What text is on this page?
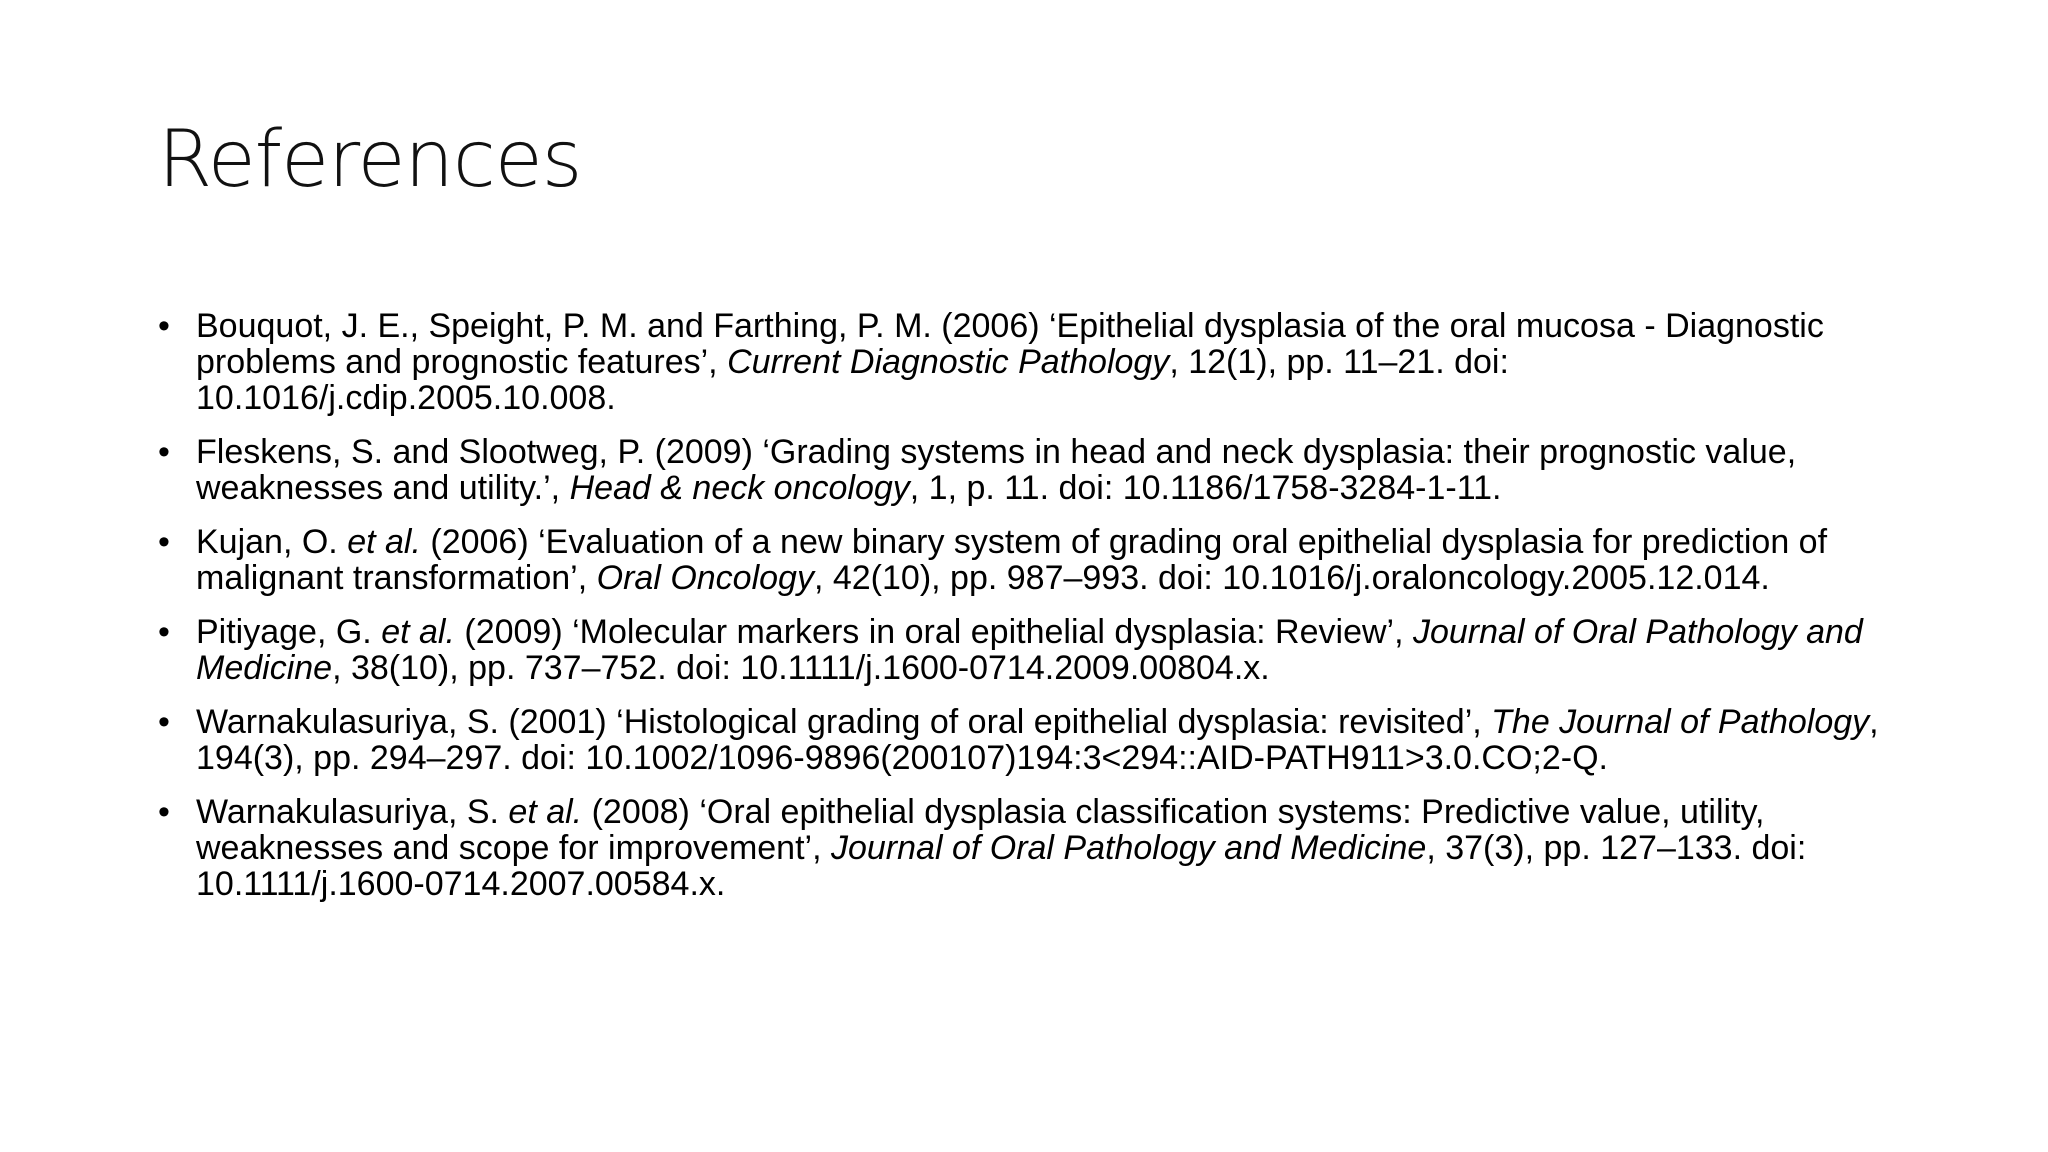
References
• Bouquot, J. E., Speight, P. M. and Farthing, P. M. (2006) ‘Epithelial dysplasia of the oral mucosa - Diagnostic problems and prognostic features’, Current Diagnostic Pathology, 12(1), pp. 11–21. doi: 10.1016/j.cdip.2005.10.008.
• Fleskens, S. and Slootweg, P. (2009) ‘Grading systems in head and neck dysplasia: their prognostic value, weaknesses and utility.’, Head & neck oncology, 1, p. 11. doi: 10.1186/1758-3284-1-11.
• Kujan, O. et al. (2006) ‘Evaluation of a new binary system of grading oral epithelial dysplasia for prediction of malignant transformation’, Oral Oncology, 42(10), pp. 987–993. doi: 10.1016/j.oraloncology.2005.12.014.
• Pitiyage, G. et al. (2009) ‘Molecular markers in oral epithelial dysplasia: Review’, Journal of Oral Pathology and Medicine, 38(10), pp. 737–752. doi: 10.1111/j.1600-0714.2009.00804.x.
• Warnakulasuriya, S. (2001) ‘Histological grading of oral epithelial dysplasia: revisited’, The Journal of Pathology, 194(3), pp. 294–297. doi: 10.1002/1096-9896(200107)194:3<294::AID-PATH911>3.0.CO;2-Q.
• Warnakulasuriya, S. et al. (2008) ‘Oral epithelial dysplasia classification systems: Predictive value, utility, weaknesses and scope for improvement’, Journal of Oral Pathology and Medicine, 37(3), pp. 127–133. doi: 10.1111/j.1600-0714.2007.00584.x.
